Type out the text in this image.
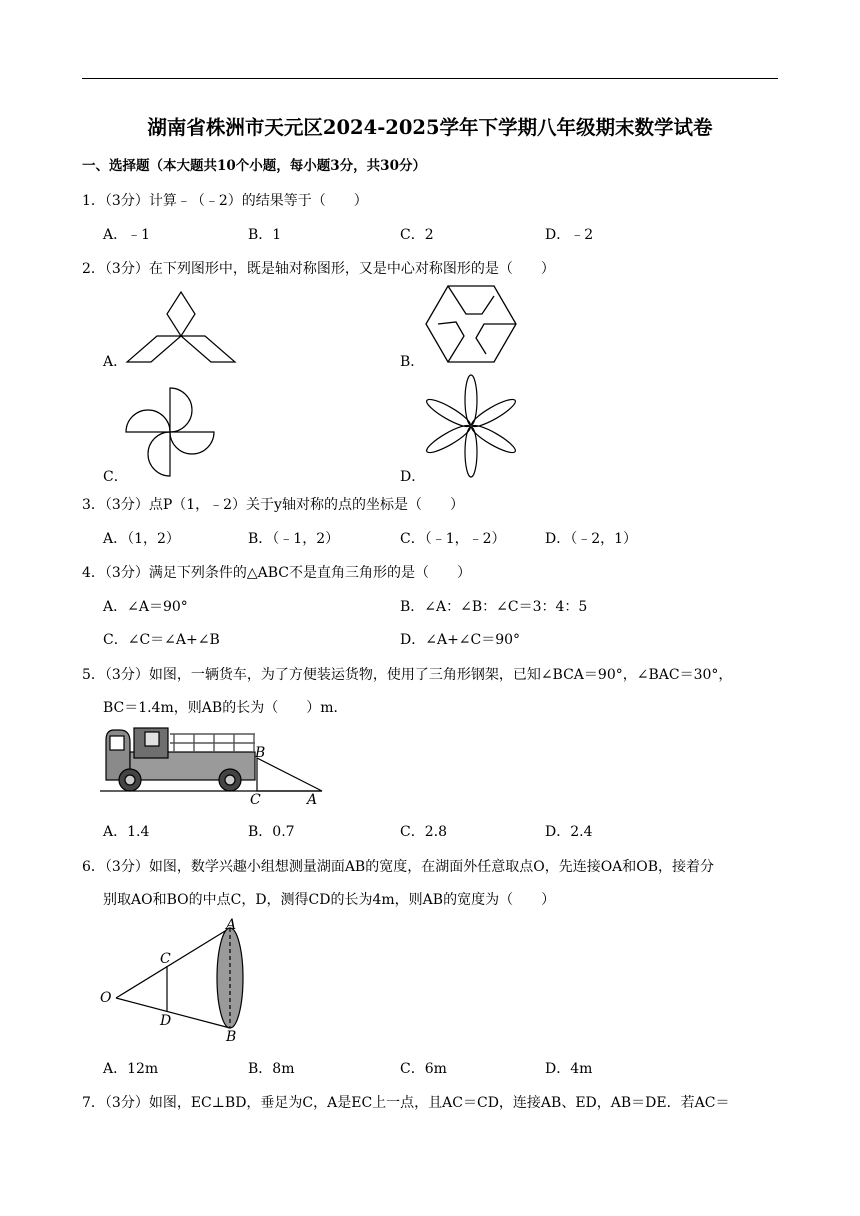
湖南省株洲市天元区2024-2025学年下学期八年级期末数学试卷
一、选择题（本大题共10个小题，每小题3分，共30分）
1．（3分）计算﹣（﹣2）的结果等于（　　）
A．﹣1	B．1	C．2	D．﹣2
2．（3分）在下列图形中，既是轴对称图形，又是中心对称图形的是（　　）
A．	B．
C．	D．
3．（3分）点P（1，﹣2）关于y轴对称的点的坐标是（　　）
A．（1，2）	B．（﹣1，2）	C．（﹣1，﹣2）	D．（﹣2，1）
4．（3分）满足下列条件的△ABC不是直角三角形的是（　　）
A．∠A＝90°	B．∠A：∠B：∠C＝3：4：5
C．∠C＝∠A+∠B	D．∠A+∠C＝90°
5．（3分）如图，一辆货车，为了方便装运货物，使用了三角形钢架，已知∠BCA＝90°，∠BAC＝30°，
BC＝1.4m，则AB的长为（　　）m．
B
C	A
A．1.4	B．0.7	C．2.8	D．2.4
6．（3分）如图，数学兴趣小组想测量湖面AB的宽度，在湖面外任意取点O，先连接OA和OB，接着分
别取AO和BO的中点C，D，测得CD的长为4m，则AB的宽度为（　　）
A
C
O
D
B
A．12m	B．8m	C．6m	D．4m
7．（3分）如图，EC⊥BD，垂足为C，A是EC上一点，且AC＝CD，连接AB、ED，AB＝DE．若AC＝
